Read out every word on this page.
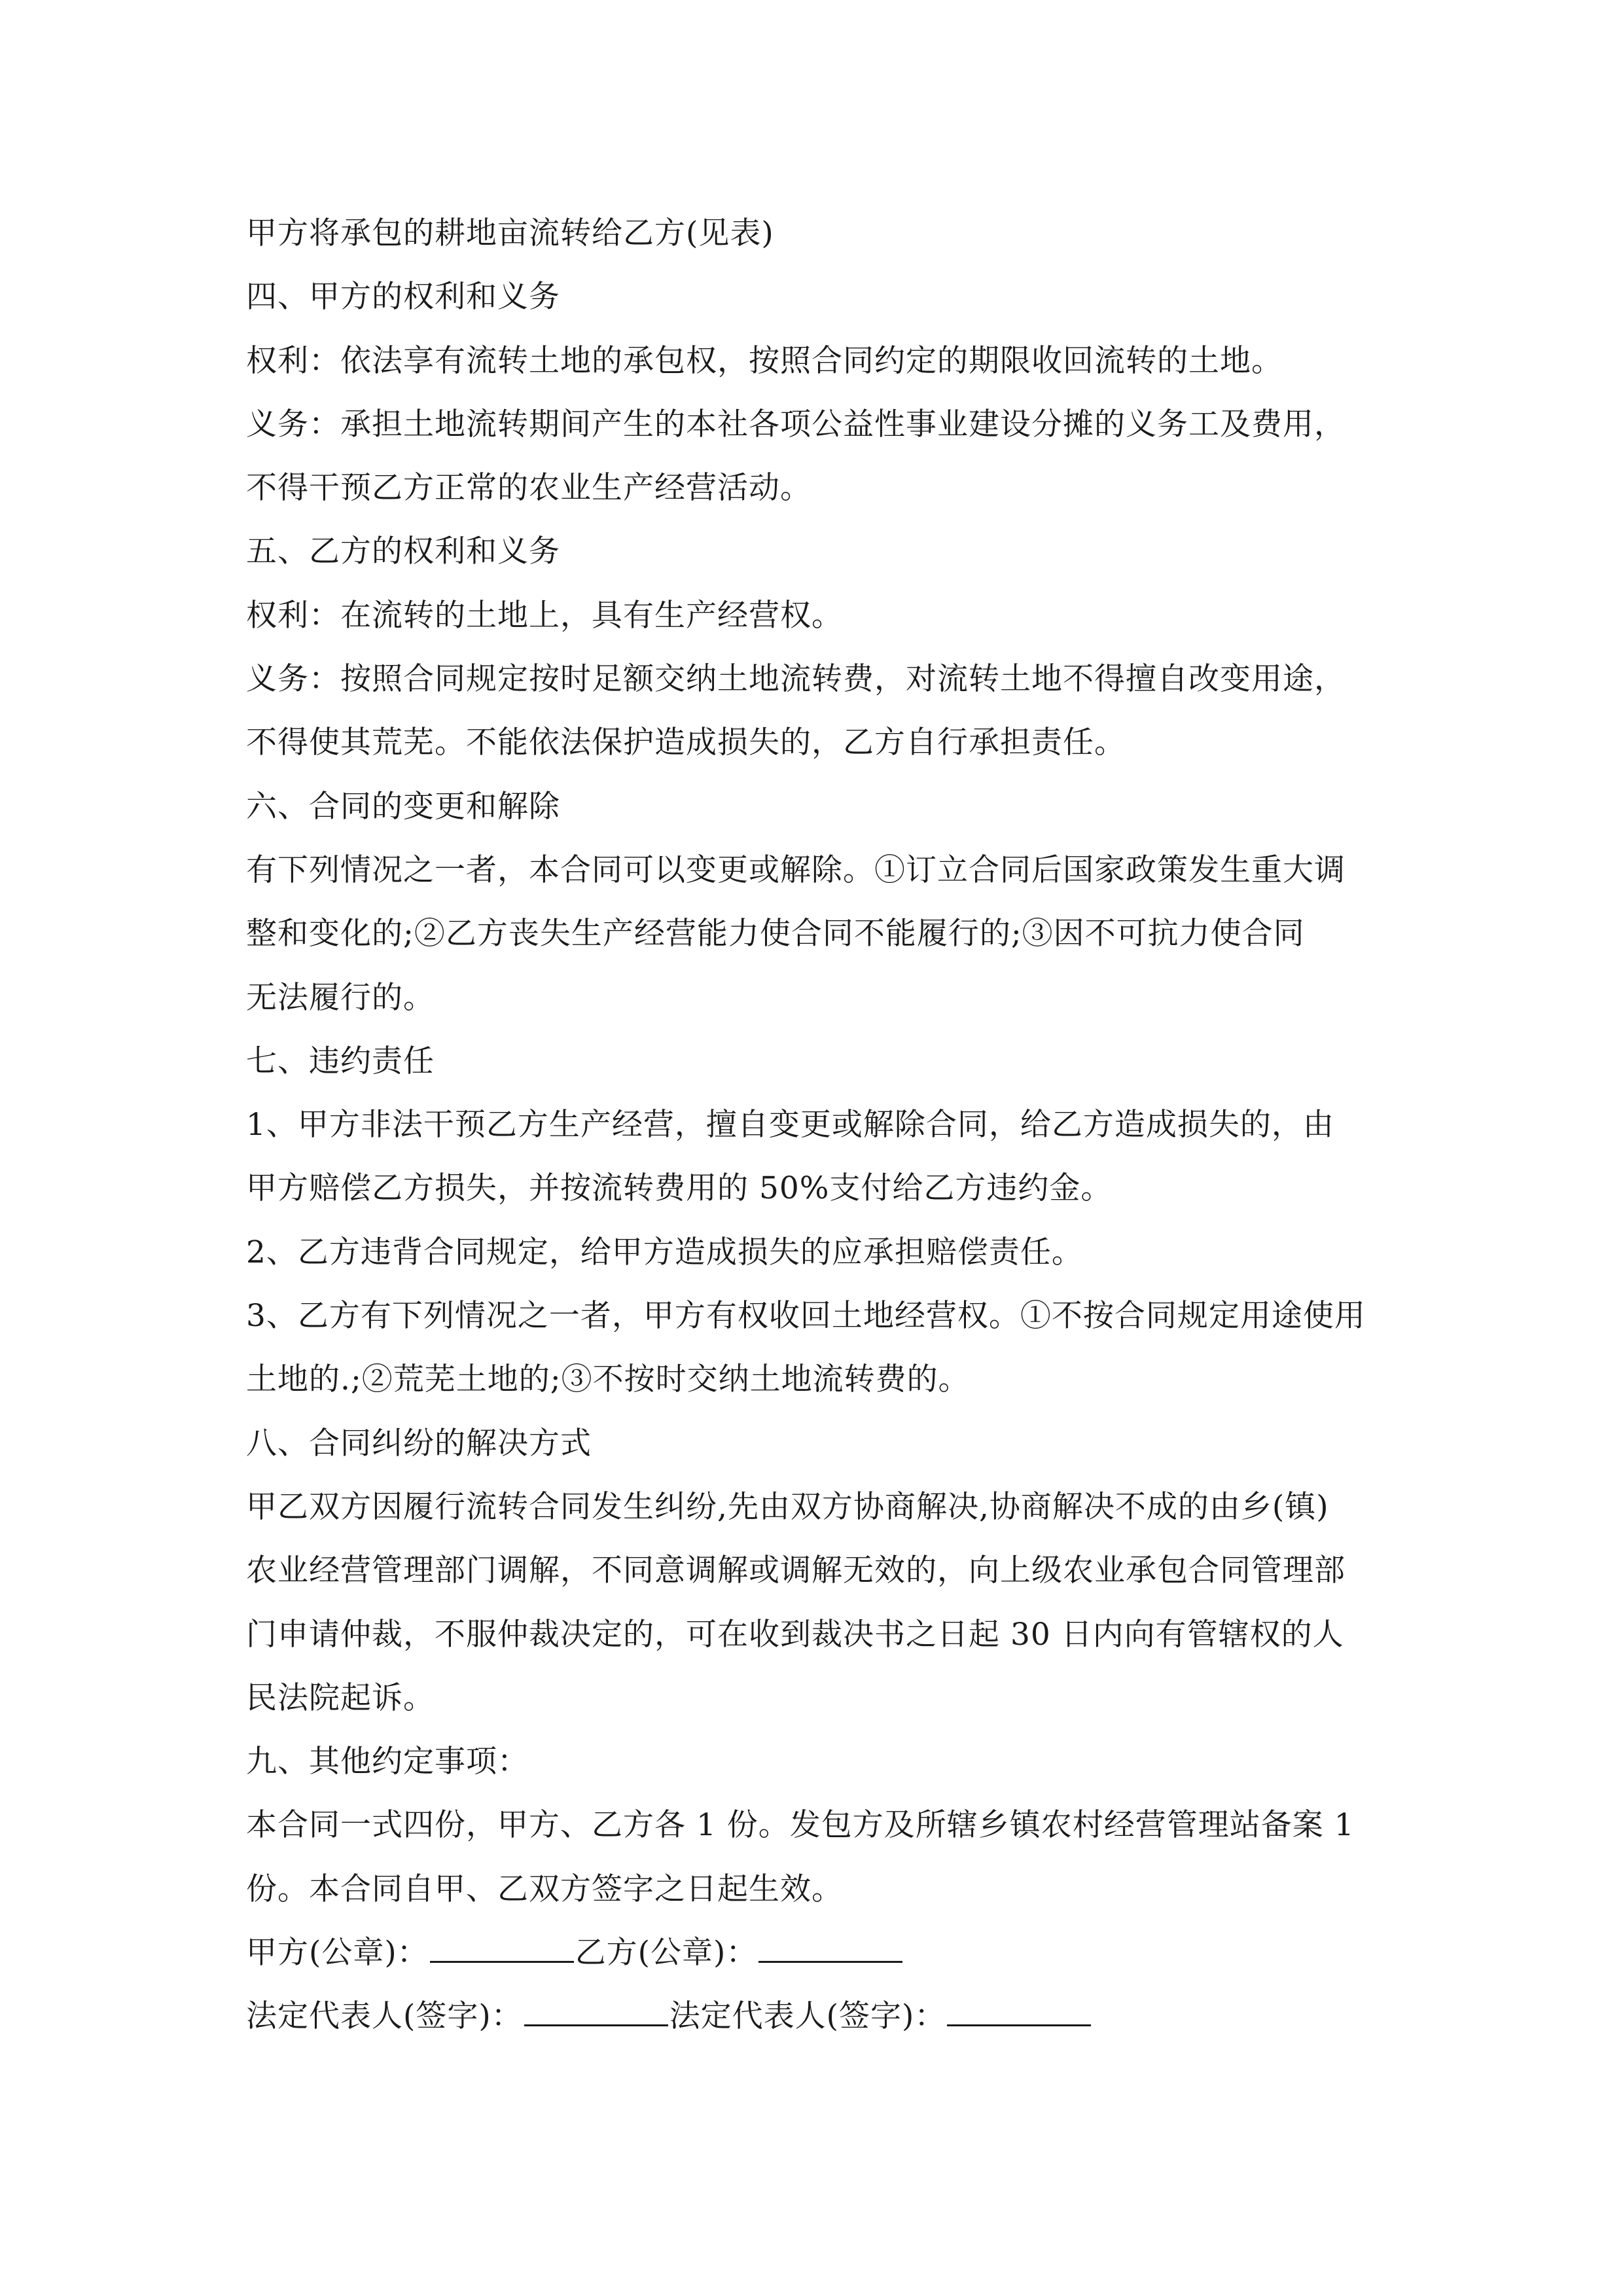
甲方将承包的耕地亩流转给乙方(见表)
四、甲方的权利和义务
权利：依法享有流转土地的承包权，按照合同约定的期限收回流转的土地。
义务：承担土地流转期间产生的本社各项公益性事业建设分摊的义务工及费用，
不得干预乙方正常的农业生产经营活动。
五、乙方的权利和义务
权利：在流转的土地上，具有生产经营权。
义务：按照合同规定按时足额交纳土地流转费，对流转土地不得擅自改变用途，
不得使其荒芜。不能依法保护造成损失的，乙方自行承担责任。
六、合同的变更和解除
有下列情况之一者，本合同可以变更或解除。①订立合同后国家政策发生重大调
整和变化的;②乙方丧失生产经营能力使合同不能履行的;③因不可抗力使合同
无法履行的。
七、违约责任
1、甲方非法干预乙方生产经营，擅自变更或解除合同，给乙方造成损失的，由
甲方赔偿乙方损失，并按流转费用的 50%支付给乙方违约金。
2、乙方违背合同规定，给甲方造成损失的应承担赔偿责任。
3、乙方有下列情况之一者，甲方有权收回土地经营权。①不按合同规定用途使用
土地的.;②荒芜土地的;③不按时交纳土地流转费的。
八、合同纠纷的解决方式
甲乙双方因履行流转合同发生纠纷,先由双方协商解决,协商解决不成的由乡(镇)
农业经营管理部门调解，不同意调解或调解无效的，向上级农业承包合同管理部
门申请仲裁，不服仲裁决定的，可在收到裁决书之日起 30 日内向有管辖权的人
民法院起诉。
九、其他约定事项：
本合同一式四份，甲方、乙方各 1 份。发包方及所辖乡镇农村经营管理站备案 1
份。本合同自甲、乙双方签字之日起生效。
甲方(公章)：	乙方(公章)：
法定代表人(签字)：	法定代表人(签字)：
